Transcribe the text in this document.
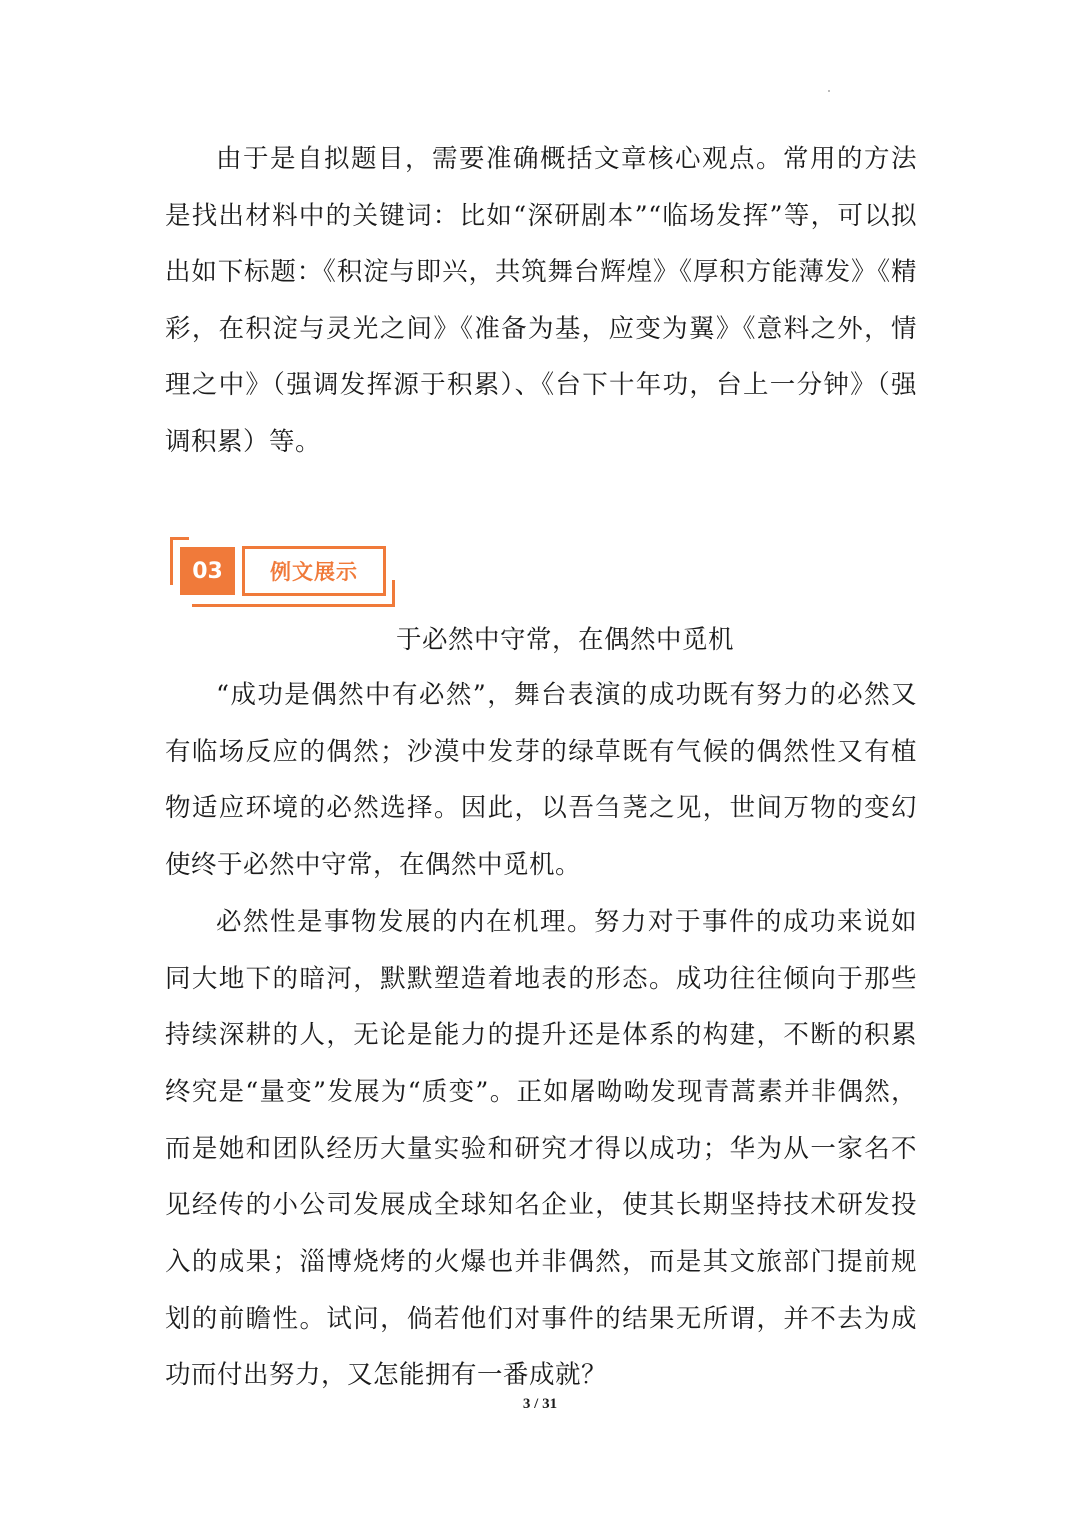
由于是自拟题目，需要准确概括文章核心观点。常用的方法是找出材料中的关键词：比如“深研剧本”“临场发挥”等，可以拟出如下标题：《积淀与即兴，共筑舞台辉煌》《厚积方能薄发》《精彩，在积淀与灵光之间》《准备为基，应变为翼》《意料之外，情理之中》（强调发挥源于积累）、《台下十年功，台上一分钟》（强调积累）等。

03	例文展示

于必然中守常，在偶然中觅机

“成功是偶然中有必然”，舞台表演的成功既有努力的必然又有临场反应的偶然；沙漠中发芽的绿草既有气候的偶然性又有植物适应环境的必然选择。因此，以吾刍荛之见，世间万物的变幻使终于必然中守常，在偶然中觅机。

必然性是事物发展的内在机理。努力对于事件的成功来说如同大地下的暗河，默默塑造着地表的形态。成功往往倾向于那些持续深耕的人，无论是能力的提升还是体系的构建，不断的积累终究是“量变”发展为“质变”。正如屠呦呦发现青蒿素并非偶然，而是她和团队经历大量实验和研究才得以成功；华为从一家名不见经传的小公司发展成全球知名企业，使其长期坚持技术研发投入的成果；淄博烧烤的火爆也并非偶然，而是其文旅部门提前规划的前瞻性。试问，倘若他们对事件的结果无所谓，并不去为成功而付出努力，又怎能拥有一番成就？

3 / 31
